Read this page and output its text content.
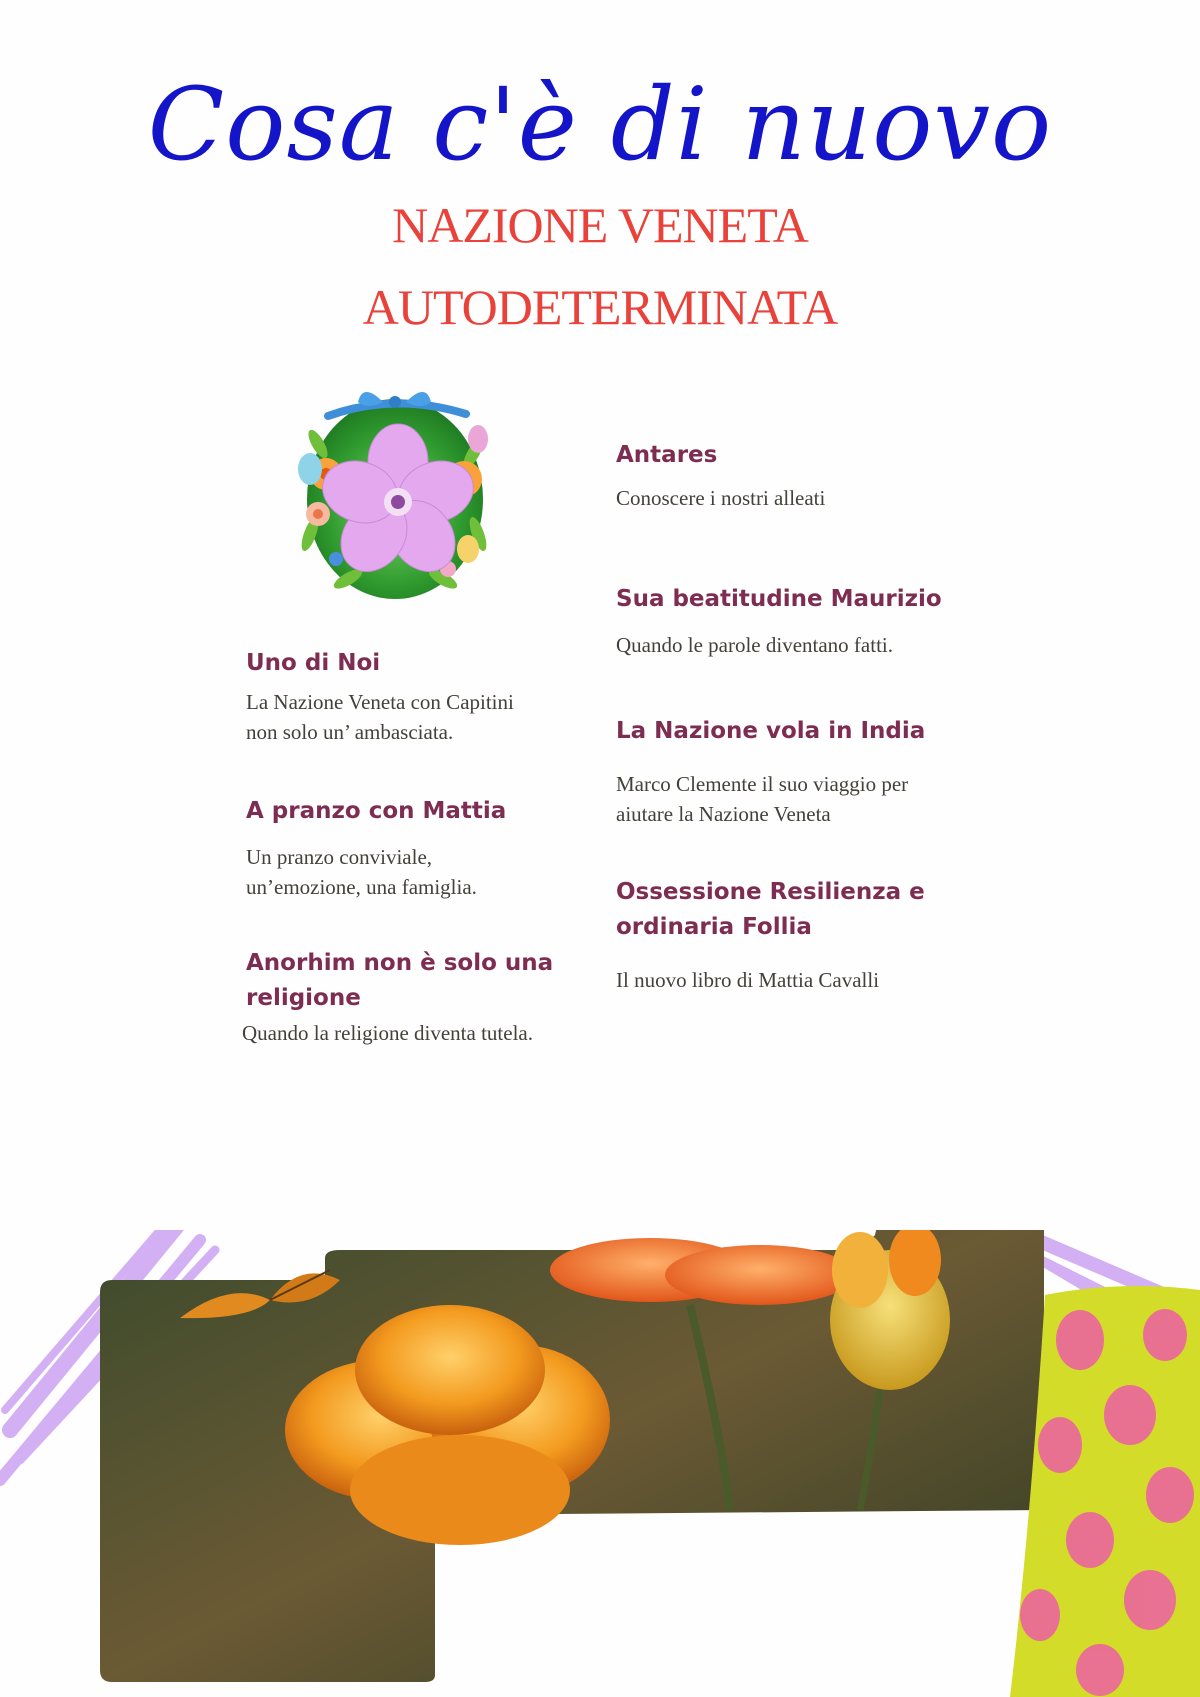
Cosa c'è di nuovo
NAZIONE VENETA
AUTODETERMINATA
Uno di Noi

La Nazione Veneta con Capitini

non solo un’ ambasciata.

A pranzo con Mattia

Un pranzo conviviale,

un’emozione, una famiglia.

Anorhim non è solo una
religione

Quando la religione diventa tutela.

Antares

Conoscere i nostri alleati

Sua beatitudine Maurizio

Quando le parole diventano fatti.

La Nazione vola in India

Marco Clemente il suo viaggio per

aiutare la Nazione Veneta

Ossessione Resilienza e
ordinaria Follia

Il nuovo libro di Mattia Cavalli
